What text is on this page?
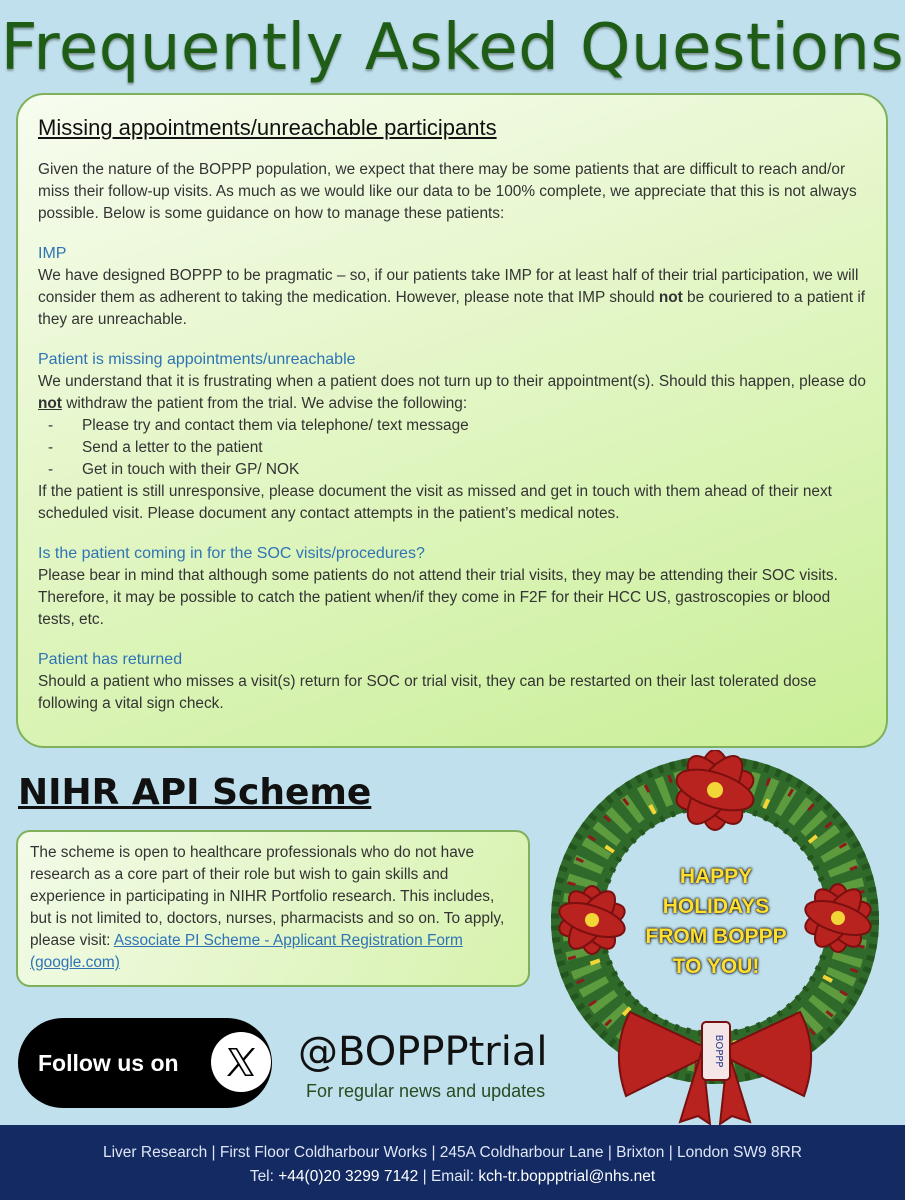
Frequently Asked Questions
Missing appointments/unreachable participants

Given the nature of the BOPPP population, we expect that there may be some patients that are difficult to reach and/or miss their follow-up visits. As much as we would like our data to be 100% complete, we appreciate that this is not always possible. Below is some guidance on how to manage these patients:

IMP

We have designed BOPPP to be pragmatic – so, if our patients take IMP for at least half of their trial participation, we will consider them as adherent to taking the medication. However, please note that IMP should not be couriered to a patient if they are unreachable.

Patient is missing appointments/unreachable

We understand that it is frustrating when a patient does not turn up to their appointment(s). Should this happen, please do not withdraw the patient from the trial. We advise the following:

- Please try and contact them via telephone/ text message
- Send a letter to the patient
- Get in touch with their GP/ NOK

If the patient is still unresponsive, please document the visit as missed and get in touch with them ahead of their next scheduled visit. Please document any contact attempts in the patient’s medical notes.

Is the patient coming in for the SOC visits/procedures?

Please bear in mind that although some patients do not attend their trial visits, they may be attending their SOC visits. Therefore, it may be possible to catch the patient when/if they come in F2F for their HCC US, gastroscopies or blood tests, etc.

Patient has returned

Should a patient who misses a visit(s) return for SOC or trial visit, they can be restarted on their last tolerated dose following a vital sign check.

NIHR API Scheme
The scheme is open to healthcare professionals who do not have research as a core part of their role but wish to gain skills and experience in participating in NIHR Portfolio research. This includes, but is not limited to, doctors, nurses, pharmacists and so on. To apply, please visit: Associate PI Scheme - Applicant Registration Form (google.com)
Follow us on	@BOPPPtrial
For regular news and updates
BOPPP
HAPPY
HOLIDAYS
FROM BOPPP
TO YOU!
Liver Research | First Floor Coldharbour Works | 245A Coldharbour Lane | Brixton | London SW9 8RR
Tel: +44(0)20 3299 7142 | Email: kch-tr.boppptrial@nhs.net
